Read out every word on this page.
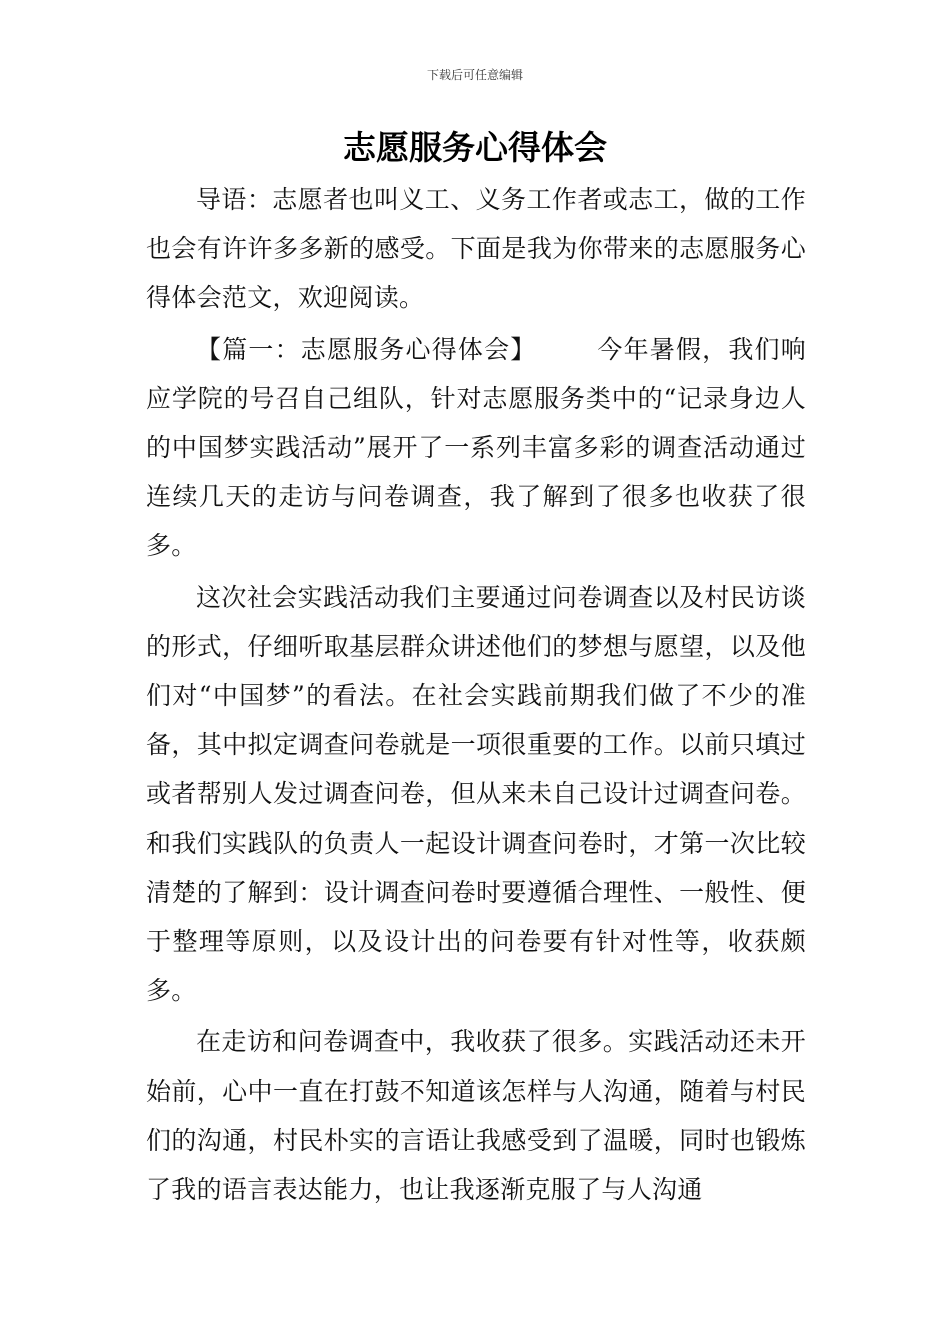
下载后可任意编辑
志愿服务心得体会

导语：志愿者也叫义工、义务工作者或志工，做的工作也会有许许多多新的感受。下面是我为你带来的志愿服务心得体会范文，欢迎阅读。

【篇一：志愿服务心得体会】 今年暑假，我们响应学院的号召自己组队，针对志愿服务类中的“记录身边人的中国梦实践活动”展开了一系列丰富多彩的调查活动通过连续几天的走访与问卷调查，我了解到了很多也收获了很多。

这次社会实践活动我们主要通过问卷调查以及村民访谈的形式，仔细听取基层群众讲述他们的梦想与愿望，以及他们对“中国梦”的看法。在社会实践前期我们做了不少的准备，其中拟定调查问卷就是一项很重要的工作。以前只填过或者帮别人发过调查问卷，但从来未自己设计过调查问卷。和我们实践队的负责人一起设计调查问卷时，才第一次比较清楚的了解到：设计调查问卷时要遵循合理性、一般性、便于整理等原则，以及设计出的问卷要有针对性等，收获颇多。

在走访和问卷调查中，我收获了很多。实践活动还未开始前，心中一直在打鼓不知道该怎样与人沟通，随着与村民们的沟通，村民朴实的言语让我感受到了温暖，同时也锻炼了我的语言表达能力，也让我逐渐克服了与人沟通
